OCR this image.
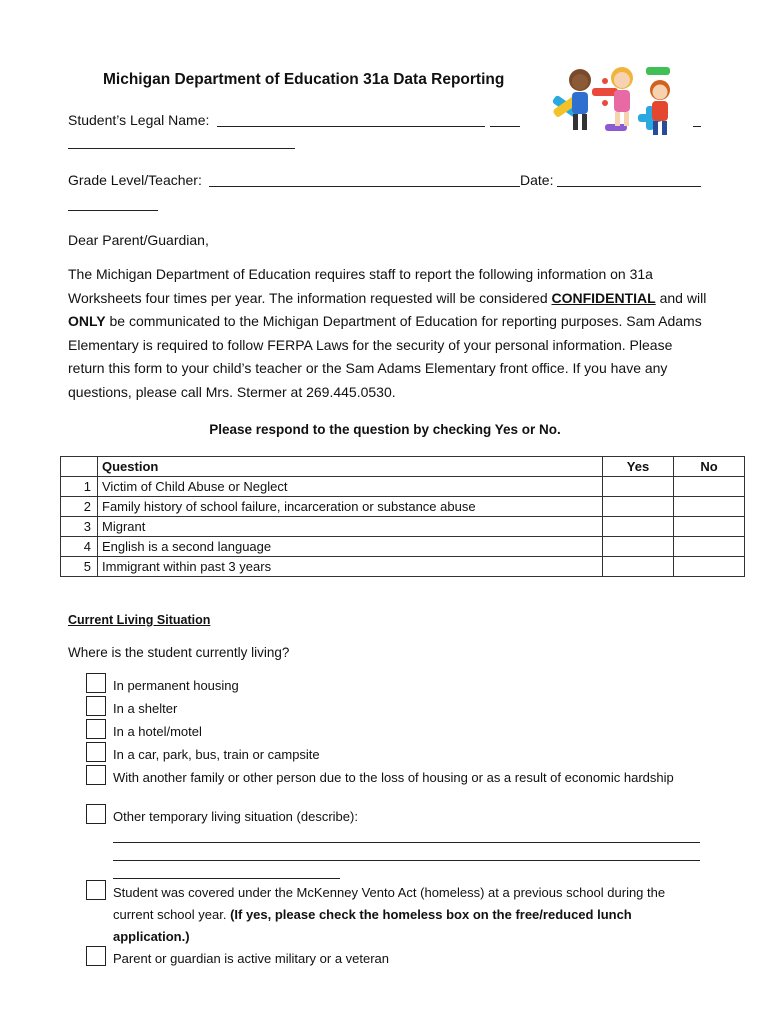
Michigan Department of Education 31a Data Reporting
Student’s Legal Name:
Grade Level/Teacher:	Date:
Dear Parent/Guardian,
The Michigan Department of Education requires staff to report the following information on 31a Worksheets four times per year. The information requested will be considered CONFIDENTIAL and will ONLY be communicated to the Michigan Department of Education for reporting purposes. Sam Adams Elementary is required to follow FERPA Laws for the security of your personal information. Please return this form to your child’s teacher or the Sam Adams Elementary front office. If you have any questions, please call Mrs. Stermer at 269.445.0530.
Please respond to the question by checking Yes or No.
	Question	Yes	No
1	Victim of Child Abuse or Neglect		
2	Family history of school failure, incarceration or substance abuse		
3	Migrant		
4	English is a second language		
5	Immigrant within past 3 years		
Current Living Situation
Where is the student currently living?
In permanent housing
In a shelter
In a hotel/motel
In a car, park, bus, train or campsite
With another family or other person due to the loss of housing or as a result of economic hardship
Other temporary living situation (describe):
Student was covered under the McKenney Vento Act (homeless) at a previous school during the current school year. (If yes, please check the homeless box on the free/reduced lunch application.)
Parent or guardian is active military or a veteran
